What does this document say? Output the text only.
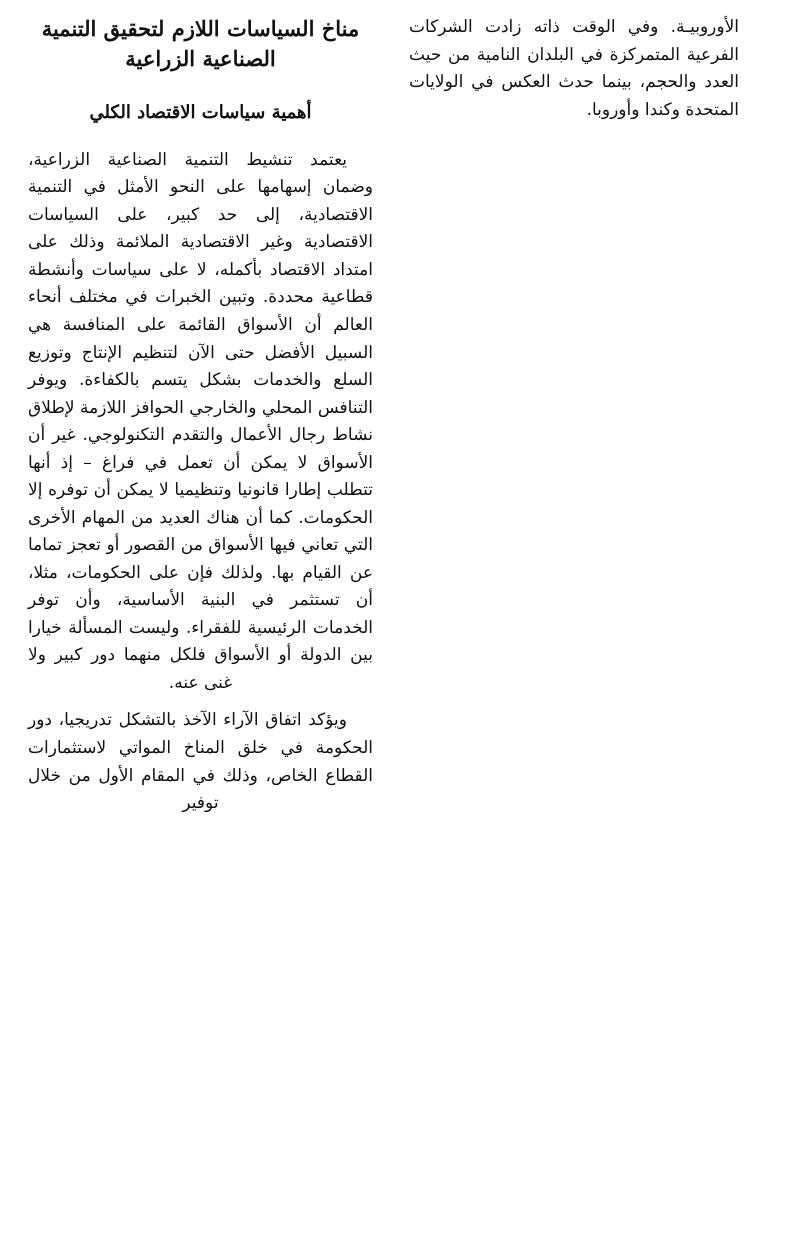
مناخ السياسات اللازم لتحقيق التنمية الصناعية الزراعية
أهمية سياسات الاقتصاد الكلي

يعتمد تنشيط التنمية الصناعية الزراعية، وضمان إسهامها على النحو الأمثل في التنمية الاقتصادية، إلى حد كبير، على السياسات الاقتصادية وغير الاقتصادية الملائمة وذلك على امتداد الاقتصاد بأكمله، لا على سياسات وأنشطة قطاعية محددة. وتبين الخبرات في مختلف أنحاء العالم أن الأسواق القائمة على المنافسة هي السبيل الأفضل حتى الآن لتنظيم الإنتاج وتوزيع السلع والخدمات بشكل يتسم بالكفاءة. ويوفر التنافس المحلي والخارجي الحوافز اللازمة لإطلاق نشاط رجال الأعمال والتقدم التكنولوجي. غير أن الأسواق لا يمكن أن تعمل في فراغ – إذ أنها تتطلب إطارا قانونيا وتنظيميا لا يمكن أن توفره إلا الحكومات. كما أن هناك العديد من المهام الأخرى التي تعاني فيها الأسواق من القصور أو تعجز تماما عن القيام بها. ولذلك فإن على الحكومات، مثلا، أن تستثمر في البنية الأساسية، وأن توفر الخدمات الرئيسية للفقراء. وليست المسألة خيارا بين الدولة أو الأسواق فلكل منهما دور كبير ولا غنى عنه.

ويؤكد اتفاق الآراء الآخذ بالتشكل تدريجيا، دور الحكومة في خلق المناخ المواتي لاستثمارات القطاع الخاص، وذلك في المقام الأول من خلال توفير

الأوروبيـة. وفي الوقت ذاته زادت الشركات الفرعية المتمركزة في البلدان النامية من حيث العدد والحجم، بينما حدث العكس في الولايات المتحدة وكندا وأوروبا.
